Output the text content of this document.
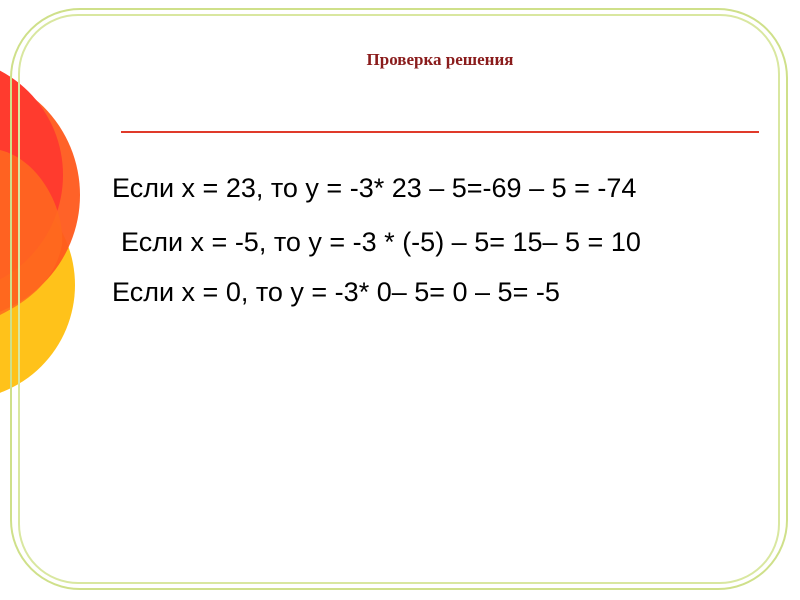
Проверка решения

Если х = 23, то у = -3* 23 – 5=-69 – 5 = -74

Если х = -5, то у = -3 * (-5) – 5= 15– 5 = 10

Если х = 0, то у = -3* 0– 5= 0 – 5= -5
